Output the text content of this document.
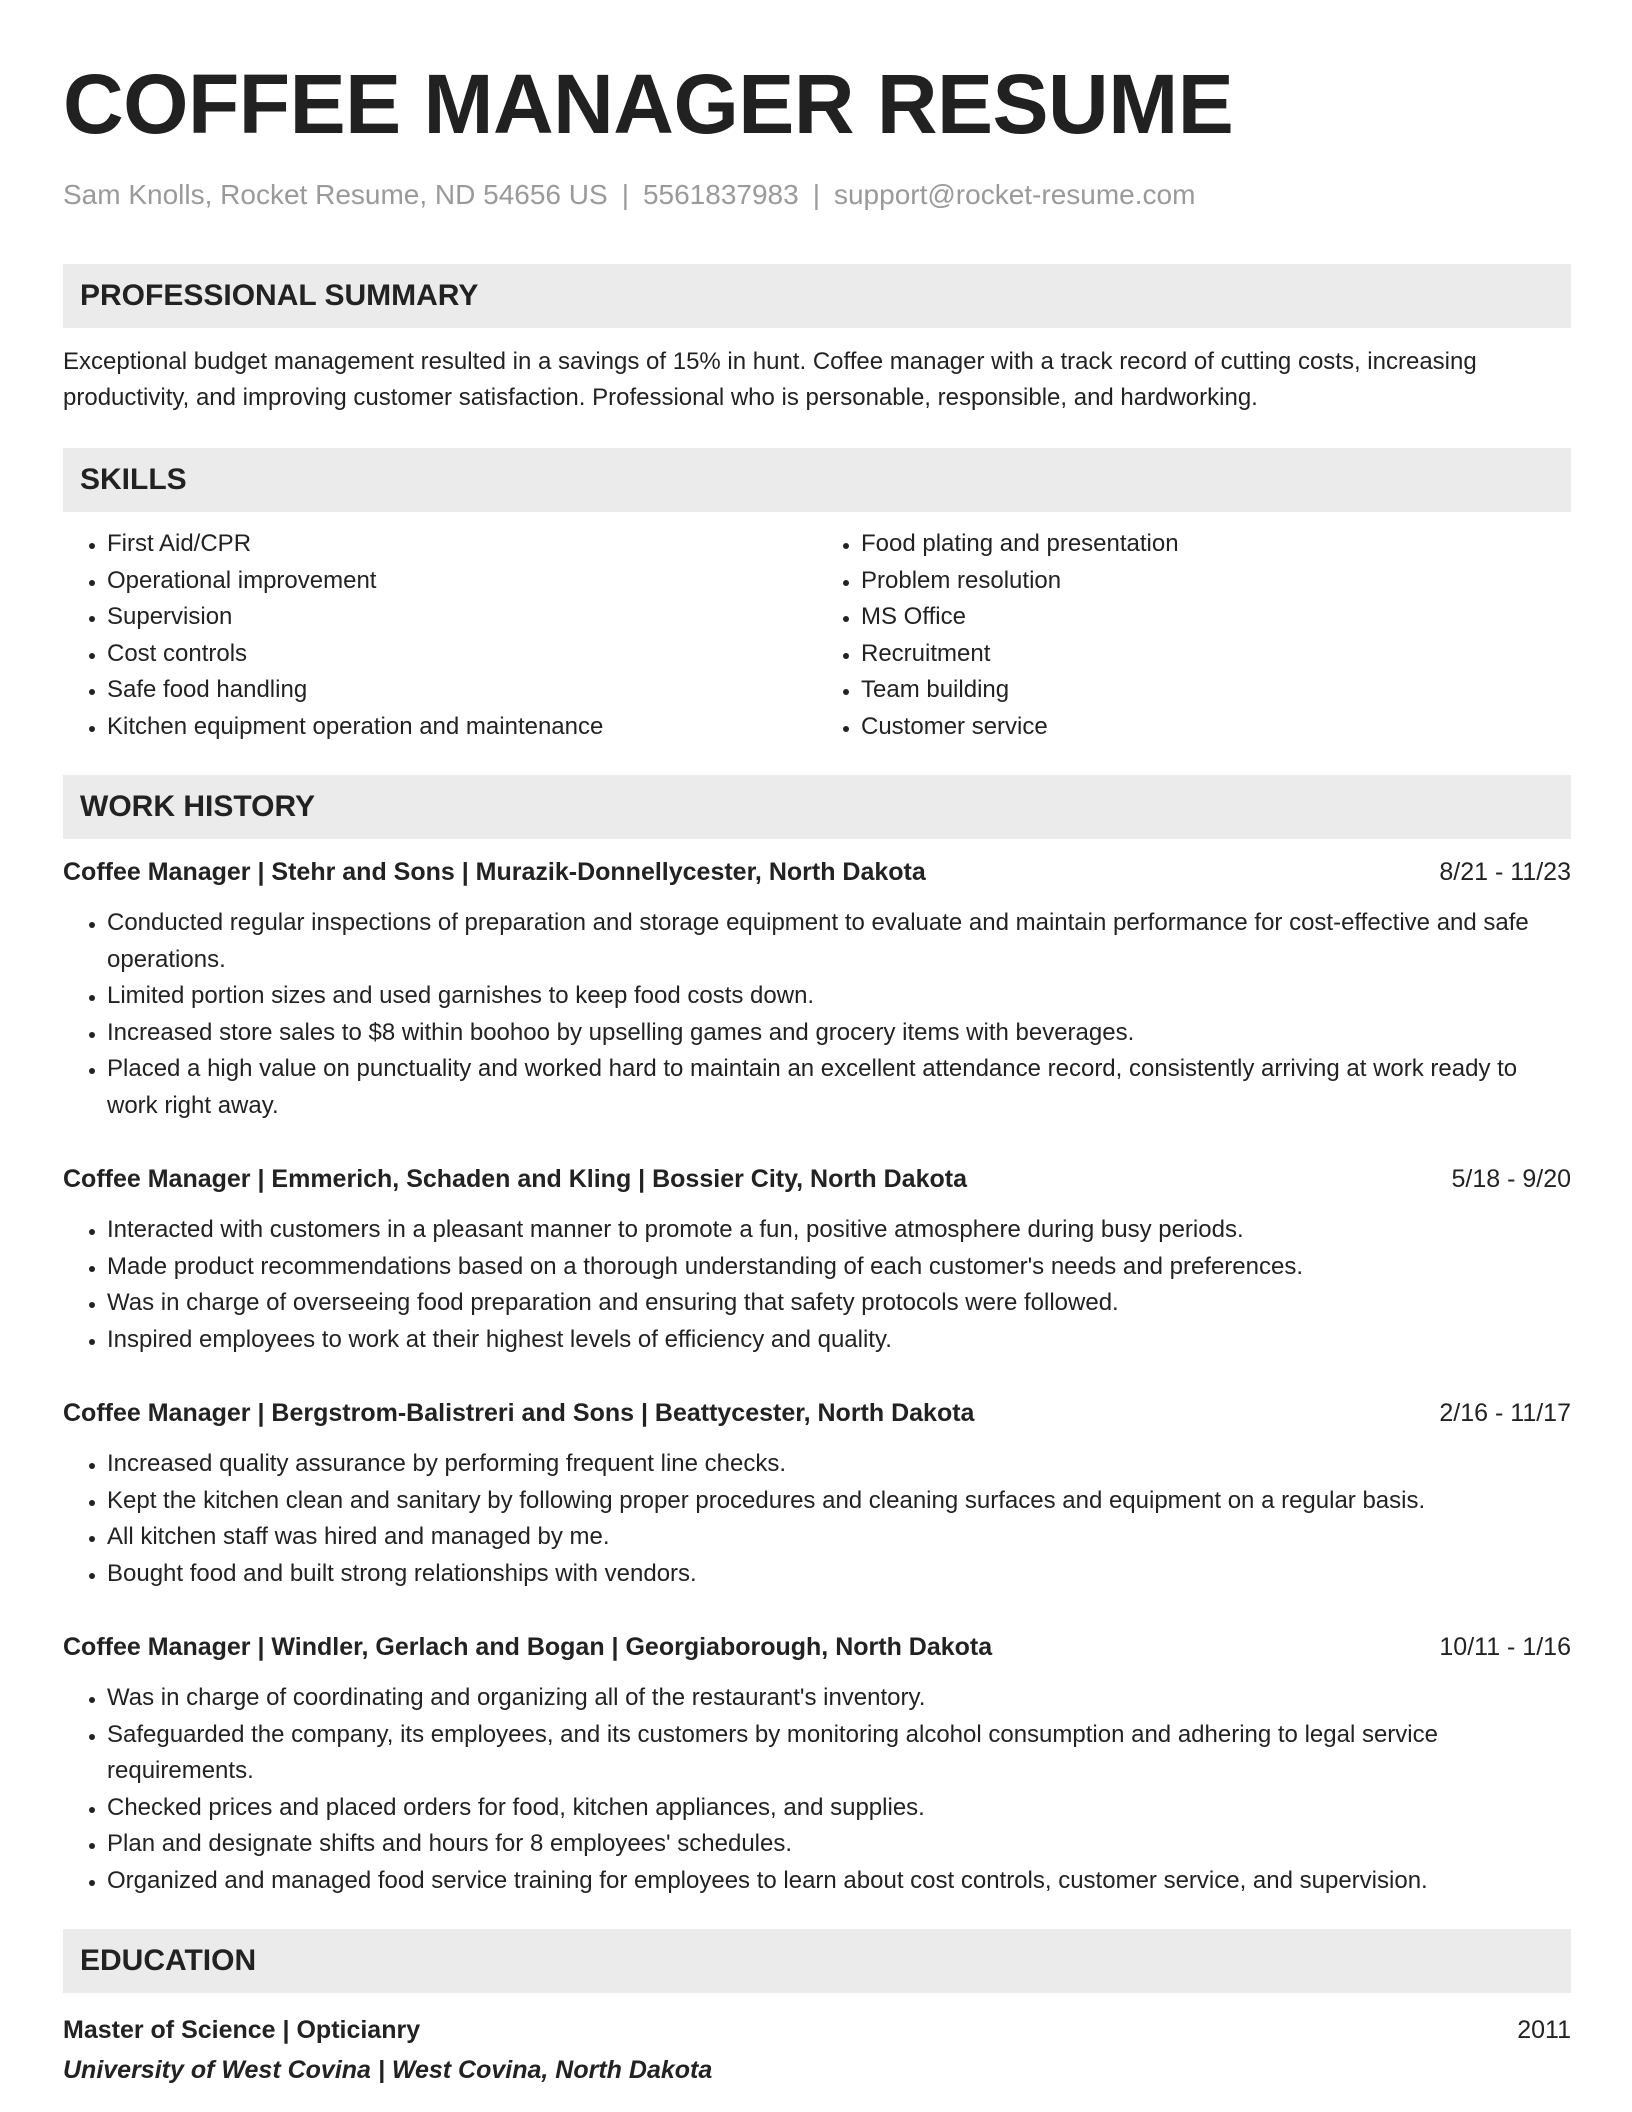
COFFEE MANAGER RESUME
Sam Knolls, Rocket Resume, ND 54656 US | 5561837983 | support@rocket-resume.com
PROFESSIONAL SUMMARY
Exceptional budget management resulted in a savings of 15% in hunt. Coffee manager with a track record of cutting costs, increasing productivity, and improving customer satisfaction. Professional who is personable, responsible, and hardworking.
SKILLS
• First Aid/CPR
• Operational improvement
• Supervision
• Cost controls
• Safe food handling
• Kitchen equipment operation and maintenance
• Food plating and presentation
• Problem resolution
• MS Office
• Recruitment
• Team building
• Customer service
WORK HISTORY
Coffee Manager | Stehr and Sons | Murazik-Donnellycester, North Dakota	8/21 - 11/23
• Conducted regular inspections of preparation and storage equipment to evaluate and maintain performance for cost-effective and safe operations.
• Limited portion sizes and used garnishes to keep food costs down.
• Increased store sales to $8 within boohoo by upselling games and grocery items with beverages.
• Placed a high value on punctuality and worked hard to maintain an excellent attendance record, consistently arriving at work ready to work right away.
Coffee Manager | Emmerich, Schaden and Kling | Bossier City, North Dakota	5/18 - 9/20
• Interacted with customers in a pleasant manner to promote a fun, positive atmosphere during busy periods.
• Made product recommendations based on a thorough understanding of each customer's needs and preferences.
• Was in charge of overseeing food preparation and ensuring that safety protocols were followed.
• Inspired employees to work at their highest levels of efficiency and quality.
Coffee Manager | Bergstrom-Balistreri and Sons | Beattycester, North Dakota	2/16 - 11/17
• Increased quality assurance by performing frequent line checks.
• Kept the kitchen clean and sanitary by following proper procedures and cleaning surfaces and equipment on a regular basis.
• All kitchen staff was hired and managed by me.
• Bought food and built strong relationships with vendors.
Coffee Manager | Windler, Gerlach and Bogan | Georgiaborough, North Dakota	10/11 - 1/16
• Was in charge of coordinating and organizing all of the restaurant's inventory.
• Safeguarded the company, its employees, and its customers by monitoring alcohol consumption and adhering to legal service requirements.
• Checked prices and placed orders for food, kitchen appliances, and supplies.
• Plan and designate shifts and hours for 8 employees' schedules.
• Organized and managed food service training for employees to learn about cost controls, customer service, and supervision.
EDUCATION
Master of Science | Opticianry	2011
University of West Covina | West Covina, North Dakota
